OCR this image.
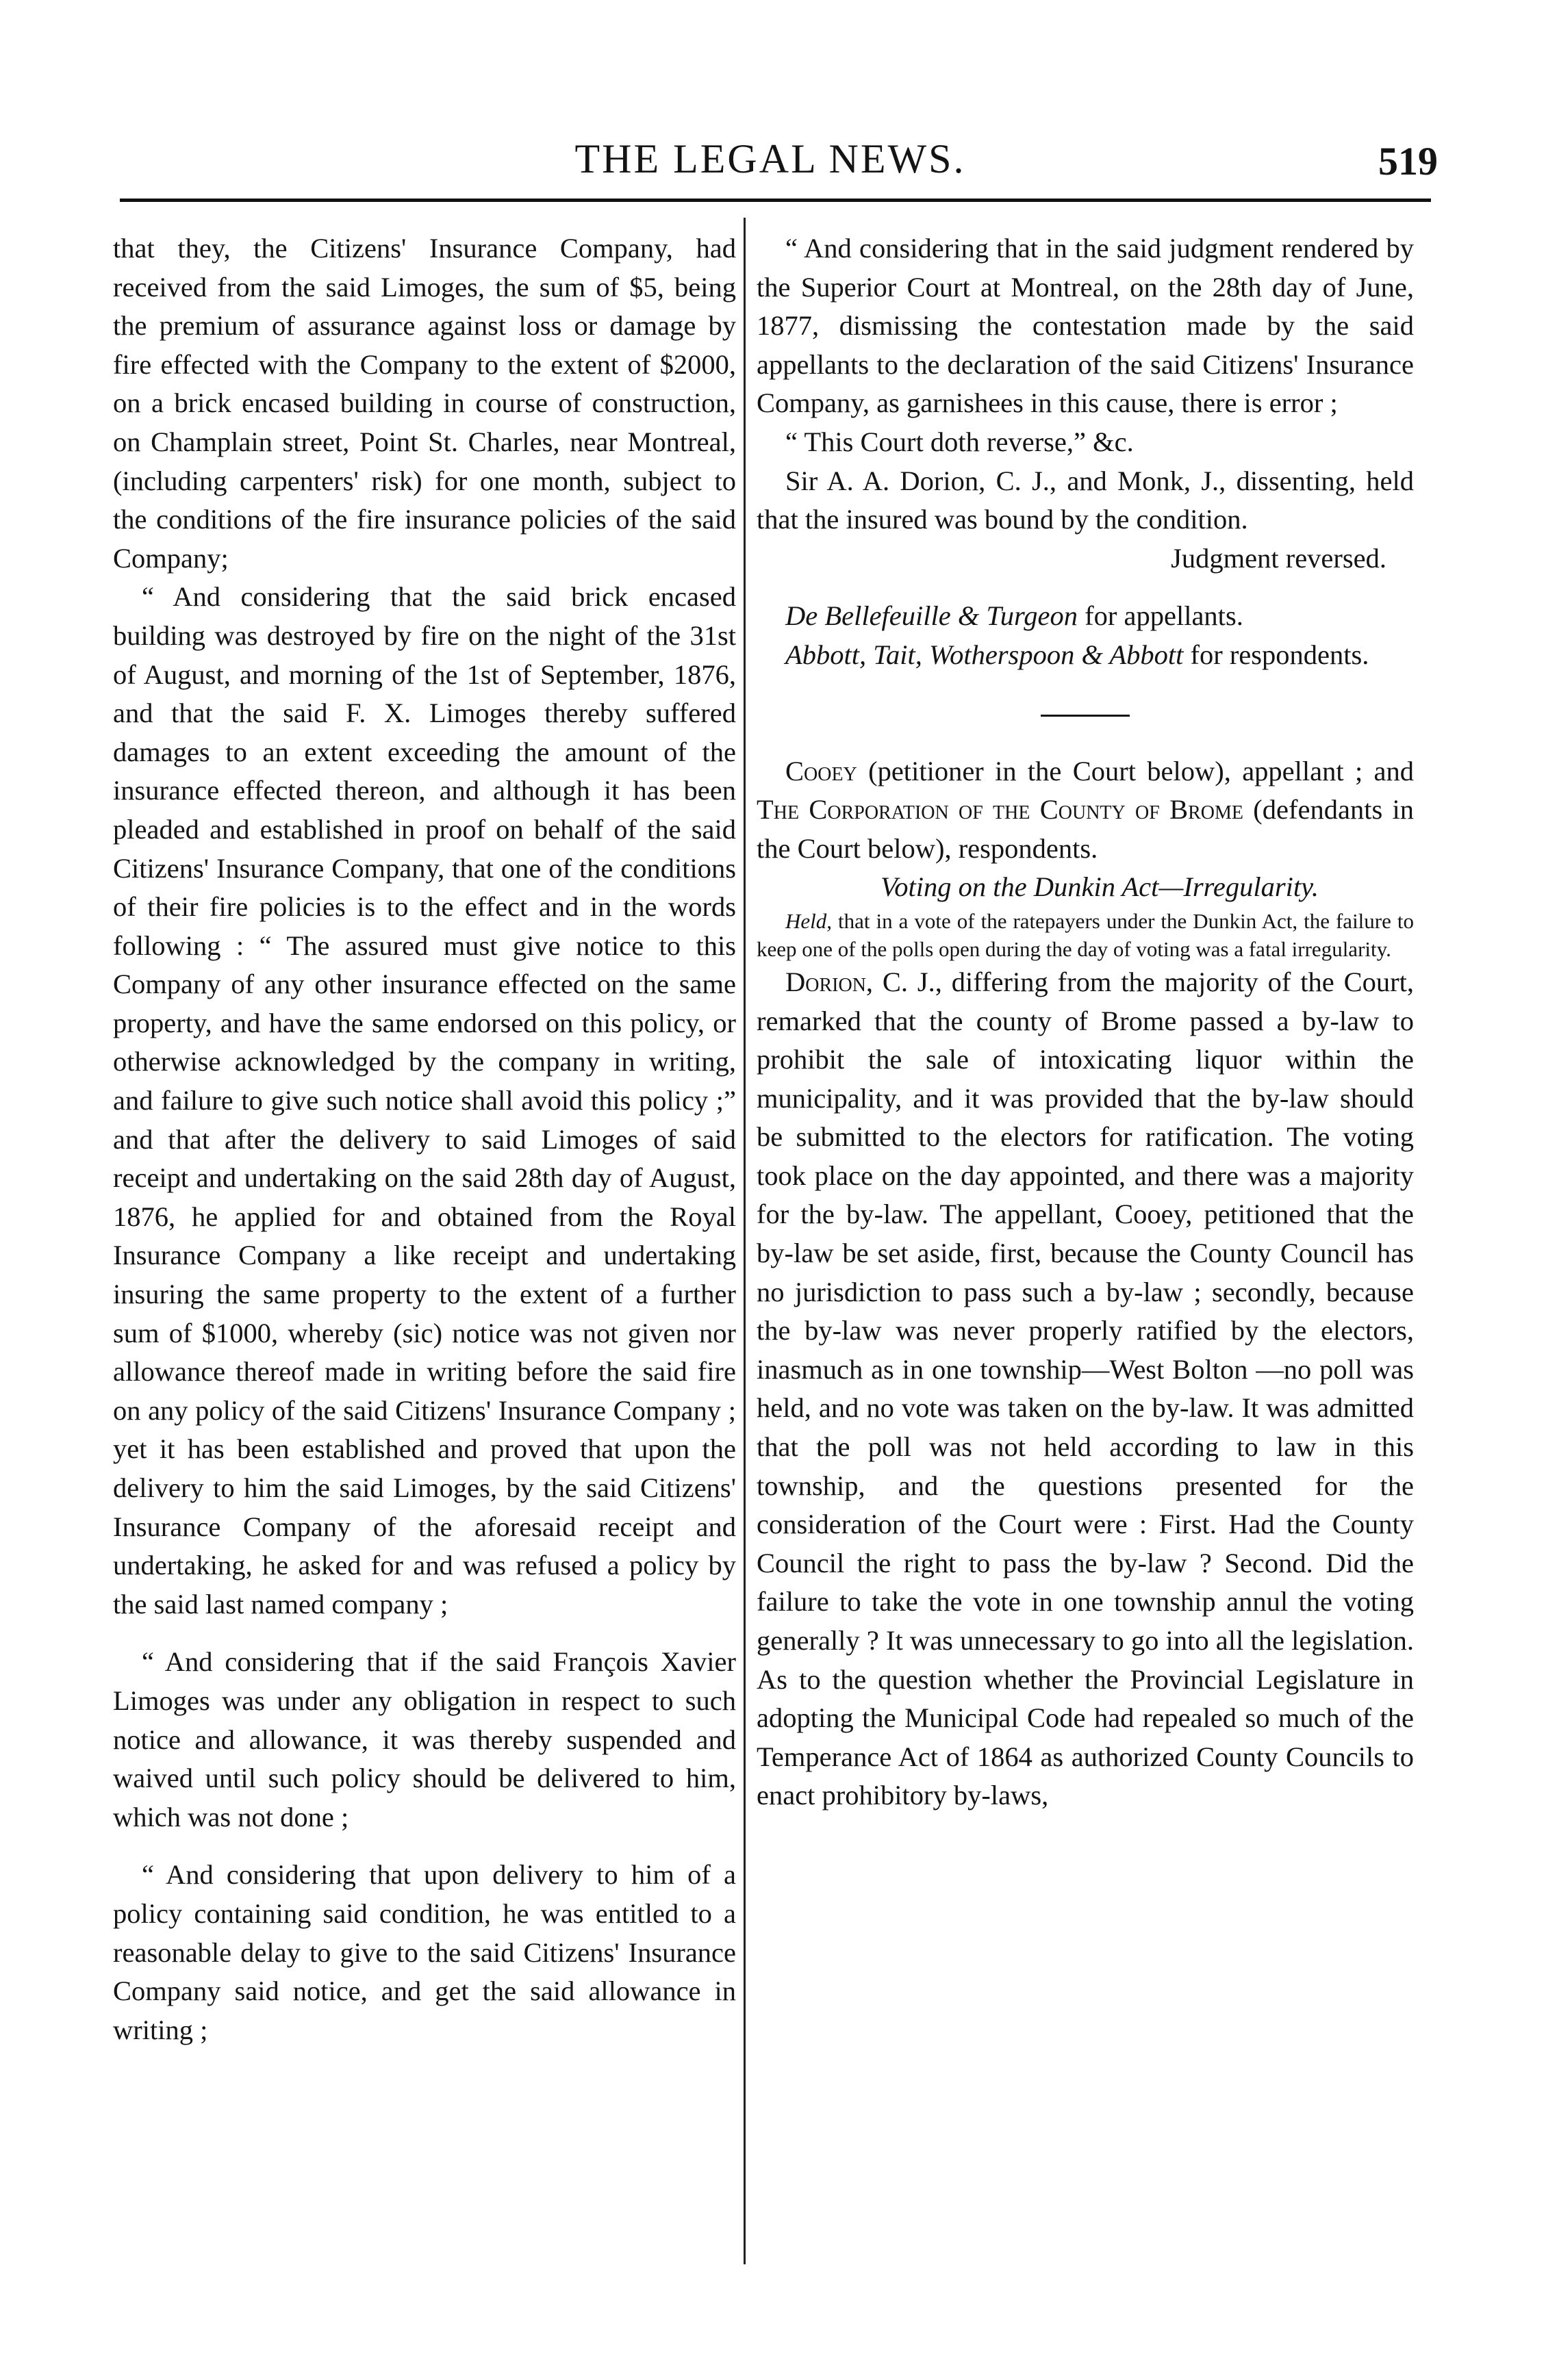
THE LEGAL NEWS.	519

that they, the Citizens' Insurance Company, had received from the said Limoges, the sum of $5, being the premium of assurance against loss or damage by fire effected with the Company to the extent of $2000, on a brick encased building in course of construction, on Champlain street, Point St. Charles, near Montreal, (including carpenters' risk) for one month, subject to the conditions of the fire insurance policies of the said Company;

“ And considering that the said brick encased building was destroyed by fire on the night of the 31st of August, and morning of the 1st of September, 1876, and that the said F. X. Limoges thereby suffered damages to an extent exceeding the amount of the insurance effected thereon, and although it has been pleaded and established in proof on behalf of the said Citizens' Insurance Company, that one of the conditions of their fire policies is to the effect and in the words following : “ The assured must give notice to this Company of any other insurance effected on the same property, and have the same endorsed on this policy, or otherwise acknowledged by the company in writing, and failure to give such notice shall avoid this policy ;” and that after the delivery to said Limoges of said receipt and undertaking on the said 28th day of August, 1876, he applied for and obtained from the Royal Insurance Company a like receipt and undertaking insuring the same property to the extent of a further sum of $1000, whereby (sic) notice was not given nor allowance thereof made in writing before the said fire on any policy of the said Citizens' Insurance Company ; yet it has been established and proved that upon the delivery to him the said Limoges, by the said Citizens' Insurance Company of the aforesaid receipt and undertaking, he asked for and was refused a policy by the said last named company ;

“ And considering that if the said François Xavier Limoges was under any obligation in respect to such notice and allowance, it was thereby suspended and waived until such policy should be delivered to him, which was not done ;

“ And considering that upon delivery to him of a policy containing said condition, he was entitled to a reasonable delay to give to the said Citizens' Insurance Company said notice, and get the said allowance in writing ;

“ And considering that in the said judgment rendered by the Superior Court at Montreal, on the 28th day of June, 1877, dismissing the contestation made by the said appellants to the declaration of the said Citizens' Insurance Company, as garnishees in this cause, there is error ;

“ This Court doth reverse,” &c.

Sir A. A. Dorion, C. J., and Monk, J., dissenting, held that the insured was bound by the condition.

Judgment reversed.

De Bellefeuille & Turgeon for appellants.

Abbott, Tait, Wotherspoon & Abbott for respondents.

Cooey (petitioner in the Court below), appellant ; and The Corporation of the County of Brome (defendants in the Court below), respondents.

Voting on the Dunkin Act—Irregularity.

Held, that in a vote of the ratepayers under the Dunkin Act, the failure to keep one of the polls open during the day of voting was a fatal irregularity.

Dorion, C. J., differing from the majority of the Court, remarked that the county of Brome passed a by-law to prohibit the sale of intoxicating liquor within the municipality, and it was provided that the by-law should be submitted to the electors for ratification. The voting took place on the day appointed, and there was a majority for the by-law. The appellant, Cooey, petitioned that the by-law be set aside, first, because the County Council has no jurisdiction to pass such a by-law ; secondly, because the by-law was never properly ratified by the electors, inasmuch as in one township—West Bolton —no poll was held, and no vote was taken on the by-law. It was admitted that the poll was not held according to law in this township, and the questions presented for the consideration of the Court were : First. Had the County Council the right to pass the by-law ? Second. Did the failure to take the vote in one township annul the voting generally ? It was unnecessary to go into all the legislation. As to the question whether the Provincial Legislature in adopting the Municipal Code had repealed so much of the Temperance Act of 1864 as authorized County Councils to enact prohibitory by-laws,
